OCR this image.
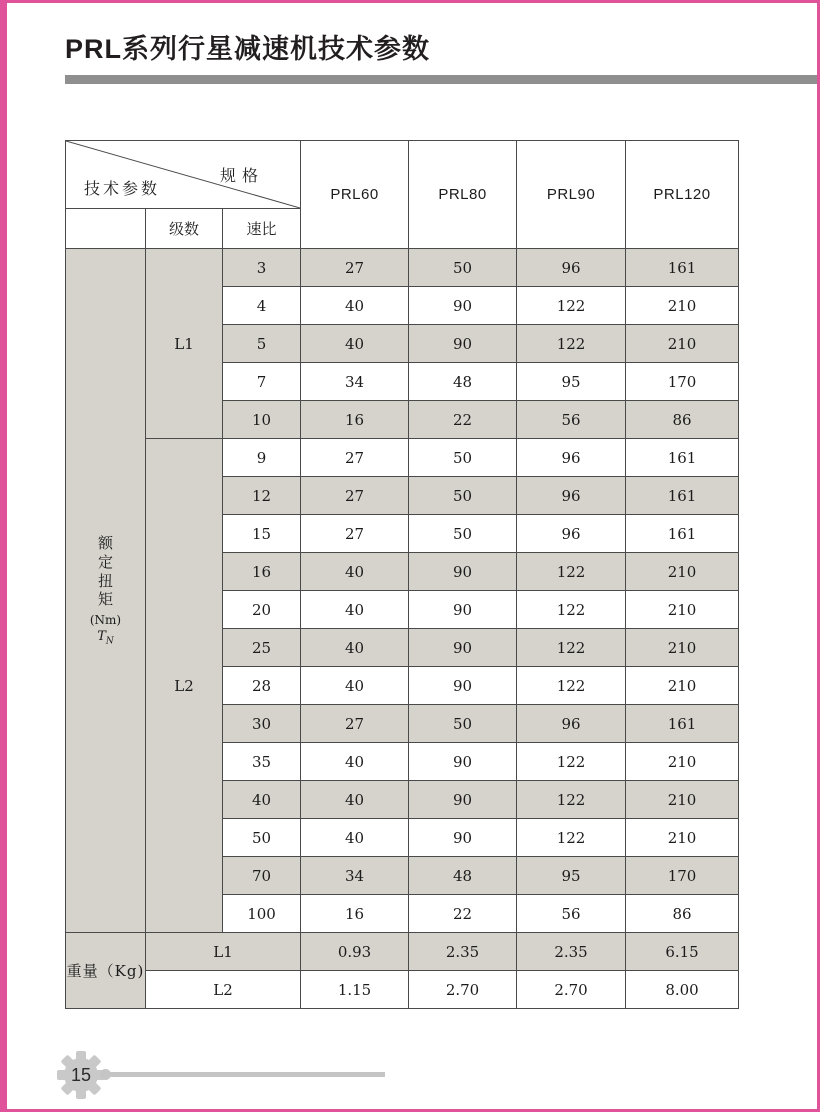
PRL系列行星减速机技术参数
规格
技术参数			PRL60	PRL80	PRL90	PRL120
	级数	速比				

额定扭矩
(Nm)
$T_N$	L1	3	27	50	96	161
		4	40	90	122	210
		5	40	90	122	210
		7	34	48	95	170
		10	16	22	56	86
	L2	9	27	50	96	161
		12	27	50	96	161
		15	27	50	96	161
		16	40	90	122	210
		20	40	90	122	210
		25	40	90	122	210
		28	40	90	122	210
		30	27	50	96	161
		35	40	90	122	210
		40	40	90	122	210
		50	40	90	122	210
		70	34	48	95	170
		100	16	22	56	86
重量（Kg)	L1		0.93	2.35	2.35	6.15
	L2		1.15	2.70	2.70	8.00
15
